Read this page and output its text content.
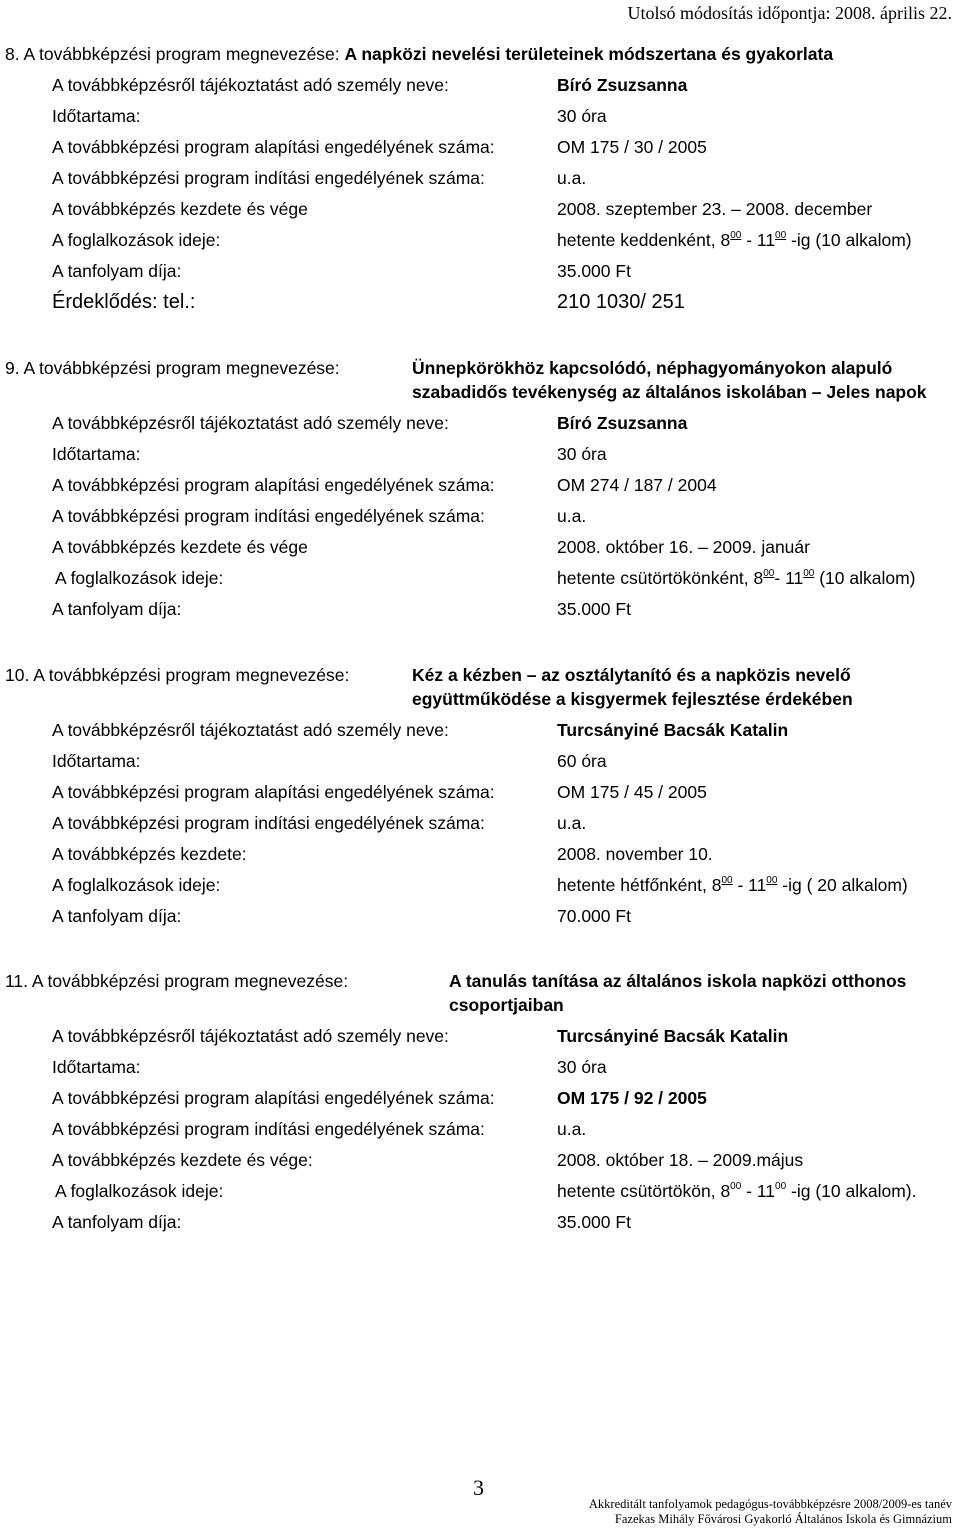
Utolsó módosítás időpontja: 2008. április 22.
8. A továbbképzési program megnevezése: A napközi nevelési területeinek módszertana és gyakorlata
A továbbképzésről tájékoztatást adó személy neve:	Bíró Zsuzsanna
Időtartama:	30 óra
A továbbképzési program alapítási engedélyének száma:	OM 175 / 30 / 2005
A továbbképzési program indítási engedélyének száma:	u.a.
A továbbképzés kezdete és vége	2008. szeptember 23. – 2008. december
A foglalkozások ideje:	hetente keddenként, $8^{00} - 11^{00}$ -ig (10 alkalom)
A tanfolyam díja:	35.000 Ft
Érdeklődés: tel.:	210 1030/ 251
9. A továbbképzési program megnevezése:	Ünnepkörökhöz kapcsolódó, néphagyományokon alapuló
szabadidős tevékenység az általános iskolában – Jeles napok
A továbbképzésről tájékoztatást adó személy neve:	Bíró Zsuzsanna
Időtartama:	30 óra
A továbbképzési program alapítási engedélyének száma:	OM 274 / 187 / 2004
A továbbképzési program indítási engedélyének száma:	u.a.
A továbbképzés kezdete és vége	2008. október 16. – 2009. január
A foglalkozások ideje:	hetente csütörtökönként, $8^{00}-$ $11^{00}$ (10 alkalom)
A tanfolyam díja:	35.000 Ft
10. A továbbképzési program megnevezése:	Kéz a kézben – az osztálytanító és a napközis nevelő
együttműködése a kisgyermek fejlesztése érdekében
A továbbképzésről tájékoztatást adó személy neve:	Turcsányiné Bacsák Katalin
Időtartama:	60 óra
A továbbképzési program alapítási engedélyének száma:	OM 175 / 45 / 2005
A továbbképzési program indítási engedélyének száma:	u.a.
A továbbképzés kezdete:	2008. november 10.
A foglalkozások ideje:	hetente hétfőnként, $8^{00} - 11^{00}$ -ig ( 20 alkalom)
A tanfolyam díja:	70.000 Ft
11. A továbbképzési program megnevezése:	A tanulás tanítása az általános iskola napközi otthonos
csoportjaiban
A továbbképzésről tájékoztatást adó személy neve:	Turcsányiné Bacsák Katalin
Időtartama:	30 óra
A továbbképzési program alapítási engedélyének száma:	OM 175 / 92 / 2005
A továbbképzési program indítási engedélyének száma:	u.a.
A továbbképzés kezdete és vége:	2008. október 18. – 2009.május
A foglalkozások ideje:	hetente csütörtökön, $8^{00} - 11^{00}$ -ig (10 alkalom).
A tanfolyam díja:	35.000 Ft
3
Akkreditált tanfolyamok pedagógus-továbbképzésre 2008/2009-es tanév
Fazekas Mihály Fővárosi Gyakorló Általános Iskola és Gimnázium
